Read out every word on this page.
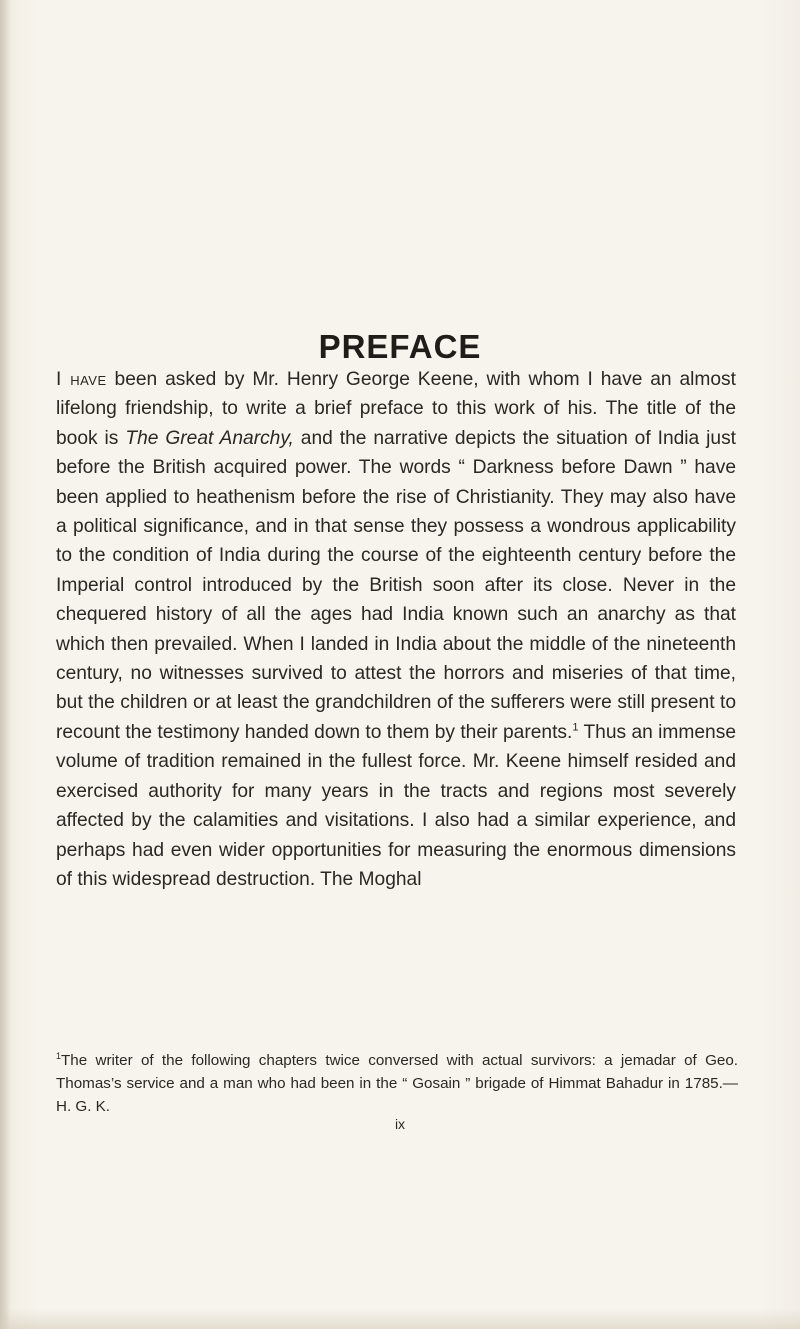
PREFACE

I have been asked by Mr. Henry George Keene, with whom I have an almost lifelong friendship, to write a brief preface to this work of his. The title of the book is The Great Anarchy, and the narrative depicts the situation of India just before the British acquired power. The words “ Darkness before Dawn ” have been applied to heathenism before the rise of Christianity. They may also have a political significance, and in that sense they possess a wondrous applicability to the condition of India during the course of the eighteenth century before the Imperial control introduced by the British soon after its close. Never in the chequered history of all the ages had India known such an anarchy as that which then prevailed. When I landed in India about the middle of the nineteenth century, no witnesses survived to attest the horrors and miseries of that time, but the children or at least the grandchildren of the sufferers were still present to recount the testimony handed down to them by their parents.$^1$ Thus an immense volume of tradition remained in the fullest force. Mr. Keene himself resided and exercised authority for many years in the tracts and regions most severely affected by the calamities and visitations. I also had a similar experience, and perhaps had even wider opportunities for measuring the enormous dimensions of this widespread destruction. The Moghal

$^1$The writer of the following chapters twice conversed with actual survivors: a jemadar of Geo. Thomas’s service and a man who had been in the “ Gosain ” brigade of Himmat Bahadur in 1785.—H. G. K.

ix
